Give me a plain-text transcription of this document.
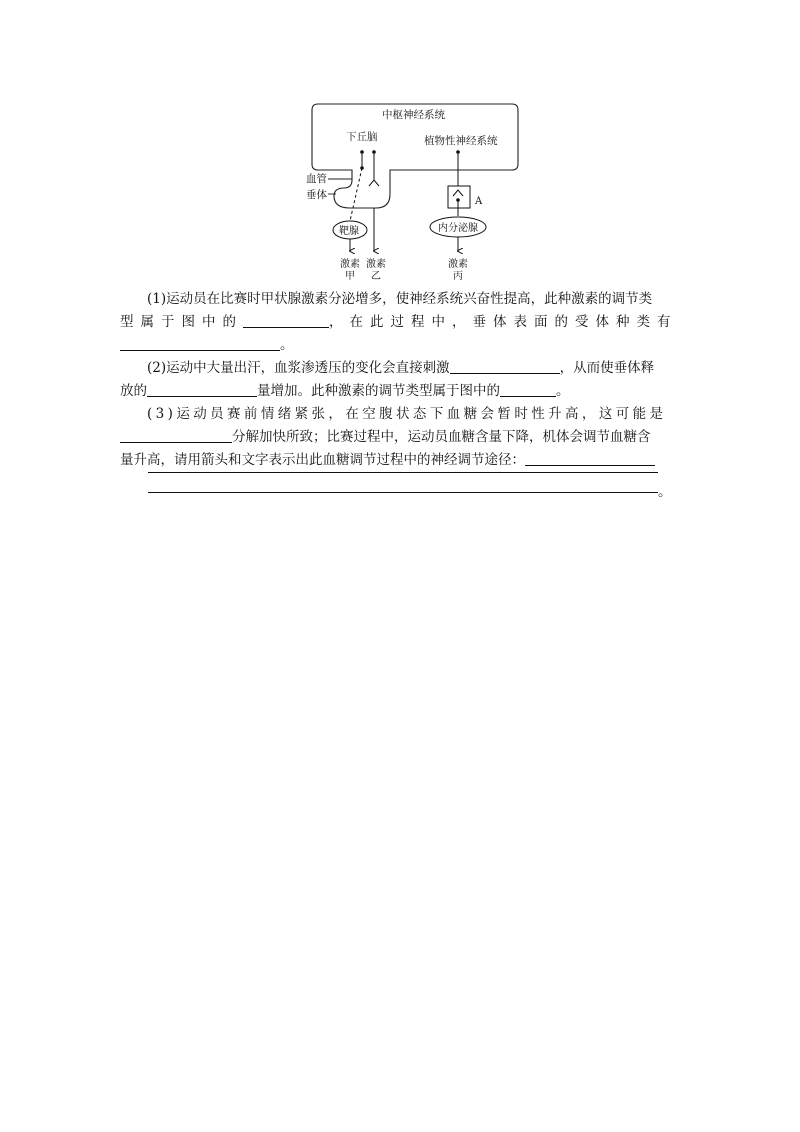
中枢神经系统
下丘脑	植物性神经系统
血管
垂体
靶腺
A
内分泌腺
激素
甲
激素
乙
激素
丙

(1)运动员在比赛时甲状腺激素分泌增多，使神经系统兴奋性提高，此种激素的调节类

型属于图中的	，在此过程中，垂体表面的受体种类有

。

(2)运动中大量出汗，血浆渗透压的变化会直接刺激	，从而使垂体释

放的	量增加。此种激素的调节类型属于图中的	。

(3)运动员赛前情绪紧张，在空腹状态下血糖会暂时性升高，这可能是

分解加快所致；比赛过程中，运动员血糖含量下降，机体会调节血糖含

量升高，请用箭头和文字表示出此血糖调节过程中的神经调节途径：

。
